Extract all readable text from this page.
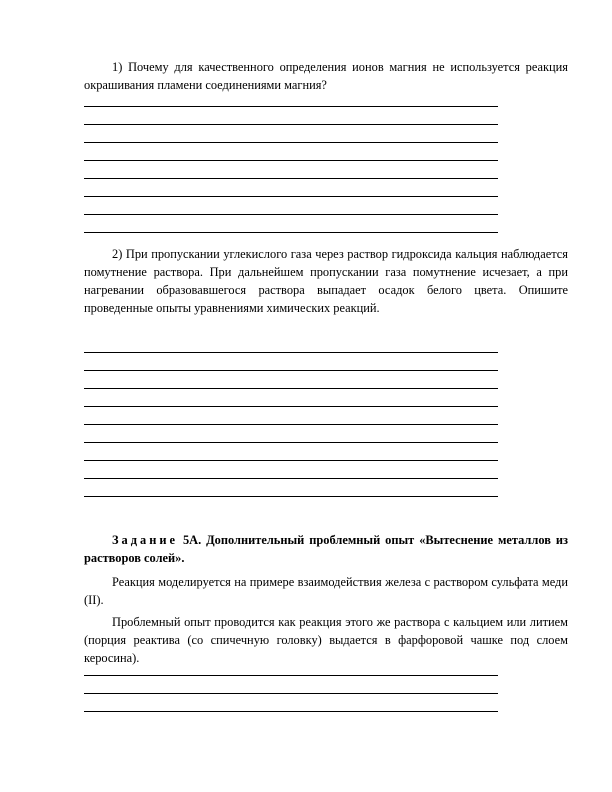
1) Почему для качественного определения ионов магния не используется реакция окрашивания пламени соединениями магния?

2) При пропускании углекислого газа через раствор гидроксида кальция наблюдается помутнение раствора. При дальнейшем пропускании газа помутнение исчезает, а при нагревании образовавшегося раствора выпадает осадок белого цвета. Опишите проведенные опыты уравнениями химических реакций.

Задание 5А. Дополнительный проблемный опыт «Вытеснение металлов из растворов солей».

Реакция моделируется на примере взаимодействия железа с раствором сульфата меди (II).

Проблемный опыт проводится как реакция этого же раствора с кальцием или литием (порция реактива (со спичечную головку) выдается в фарфоровой чашке под слоем керосина).
